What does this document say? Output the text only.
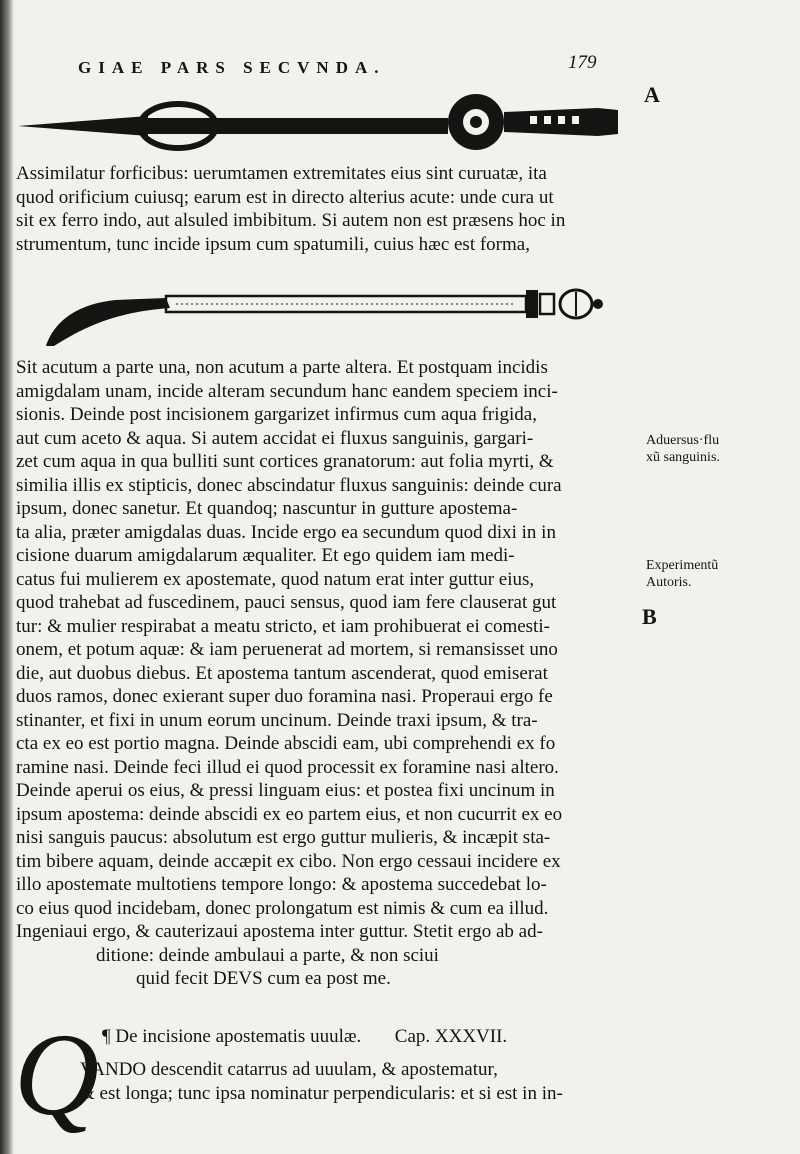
GIAE PARS SECVNDA.	179
A
Assimilatur forficibus: uerumtamen extremitates eius sint curuatæ, ita
quod orificium cuiusq; earum est in directo alterius acute: unde cura ut
sit ex ferro indo, aut alsuled imbibitum. Si autem non est præsens hoc in
strumentum, tunc incide ipsum cum spatumili, cuius hæc est forma,
Sit acutum a parte una, non acutum a parte altera. Et postquam incidis
amigdalam unam, incide alteram secundum hanc eandem speciem inci-
sionis. Deinde post incisionem gargarizet infirmus cum aqua frigida,
aut cum aceto & aqua. Si autem accidat ei fluxus sanguinis, gargari-
zet cum aqua in qua bulliti sunt cortices granatorum: aut folia myrti, &
similia illis ex stipticis, donec abscindatur fluxus sanguinis: deinde cura
ipsum, donec sanetur. Et quandoq; nascuntur in gutture apostema-
ta alia, præter amigdalas duas. Incide ergo ea secundum quod dixi in in
cisione duarum amigdalarum æqualiter. Et ego quidem iam medi-
catus fui mulierem ex apostemate, quod natum erat inter guttur eius,
quod trahebat ad fuscedinem, pauci sensus, quod iam fere clauserat gut
tur: & mulier respirabat a meatu stricto, et iam prohibuerat ei comesti-
onem, et potum aquæ: & iam peruenerat ad mortem, si remansisset uno
die, aut duobus diebus. Et apostema tantum ascenderat, quod emiserat
duos ramos, donec exierant super duo foramina nasi. Properaui ergo fe
stinanter, et fixi in unum eorum uncinum. Deinde traxi ipsum, & tra-
cta ex eo est portio magna. Deinde abscidi eam, ubi comprehendi ex fo
ramine nasi. Deinde feci illud ei quod processit ex foramine nasi altero.
Deinde aperui os eius, & pressi linguam eius: et postea fixi uncinum in
ipsum apostema: deinde abscidi ex eo partem eius, et non cucurrit ex eo
nisi sanguis paucus: absolutum est ergo guttur mulieris, & incæpit sta-
tim bibere aquam, deinde accæpit ex cibo. Non ergo cessaui incidere ex
illo apostemate multotiens tempore longo: & apostema succedebat lo-
co eius quod incidebam, donec prolongatum est nimis & cum ea illud.
Ingeniaui ergo, & cauterizaui apostema inter guttur. Stetit ergo ab ad-
ditione: deinde ambulaui a parte, & non sciui
quid fecit DEVS cum ea post me.
Aduersus·flu
xũ sanguinis.
Experimentũ
Autoris.
B
Q ¶ De incisione apostematis uuulæ. Cap. XXXVII.
VANDO descendit catarrus ad uuulam, & apostematur,
& est longa; tunc ipsa nominatur perpendicularis: et si est in in-
